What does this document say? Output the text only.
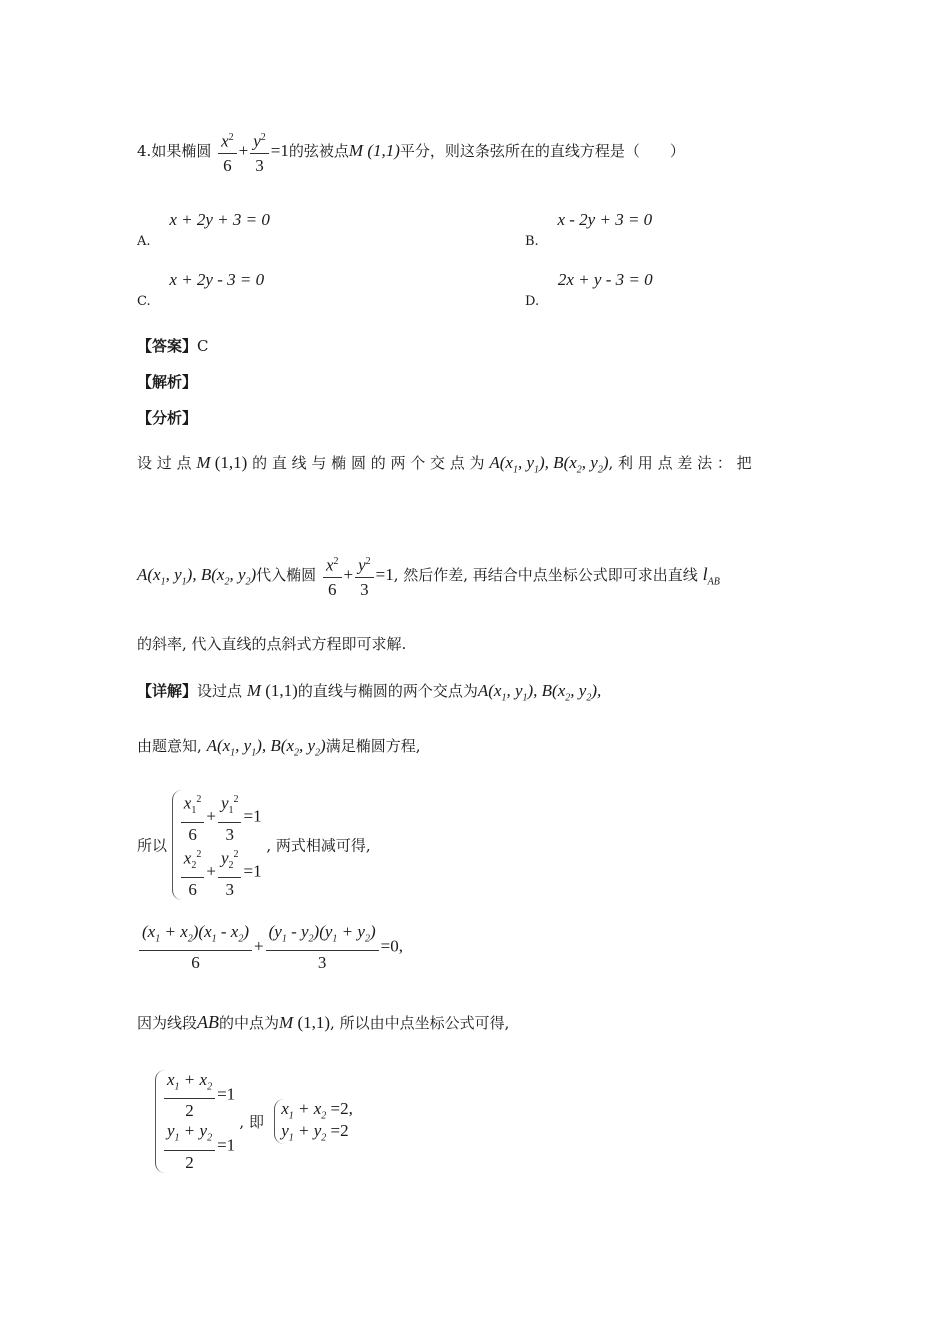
4.如果椭圆 $\frac{x^2}{6} + \frac{y^2}{3} =1$的弦被点M (1,1)平分，则这条弦所在的直线方程是（　　）
A. x + 2y + 3 = 0
B. x - 2y + 3 = 0
C. x + 2y - 3 = 0
D. 2x + y - 3 = 0
【答案】C
【解析】
【分析】
设 过 点 M (1,1) 的 直 线 与 椭 圆 的 两 个 交 点 为 $A(x_1$, $y_1$), $B(x_2$, $y_2$), 利 用 点 差 法 ： 把
$A(x_1$, $y_1$), $B(x_2$, $y_2$)代入椭圆 $\frac{x^2}{6} + \frac{y^2}{3} =1$, 然后作差, 再结合中点坐标公式即可求出直线 $l_{AB}$
的斜率, 代入直线的点斜式方程即可求解.
【详解】设过点 M (1,1)的直线与椭圆的两个交点为$A(x_1$, $y_1$), $B(x_2$, $y_2$),
由题意知, $A(x_1$, $y_1$), $B(x_2$, $y_2$)满足椭圆方程,
所以
$\frac{x_1^2}{6} + \frac{y_1^2}{3} =1$
$\frac{x_2^2}{6} + \frac{y_2^2}{3} =1$
, 两式相减可得,
$\frac{(x_1 + x_2)(x_1 - x_2)}{6} + \frac{(y_1 - y_2)(y_1 + y_2)}{3} =0$,
因为线段AB的中点为M (1,1), 所以由中点坐标公式可得,
$\frac{x_1 + x_2}{2} =1$
$\frac{y_1 + y_2}{2} =1$
, 即
$x_1 + x_2 =2$,
$y_1 + y_2 =2$
